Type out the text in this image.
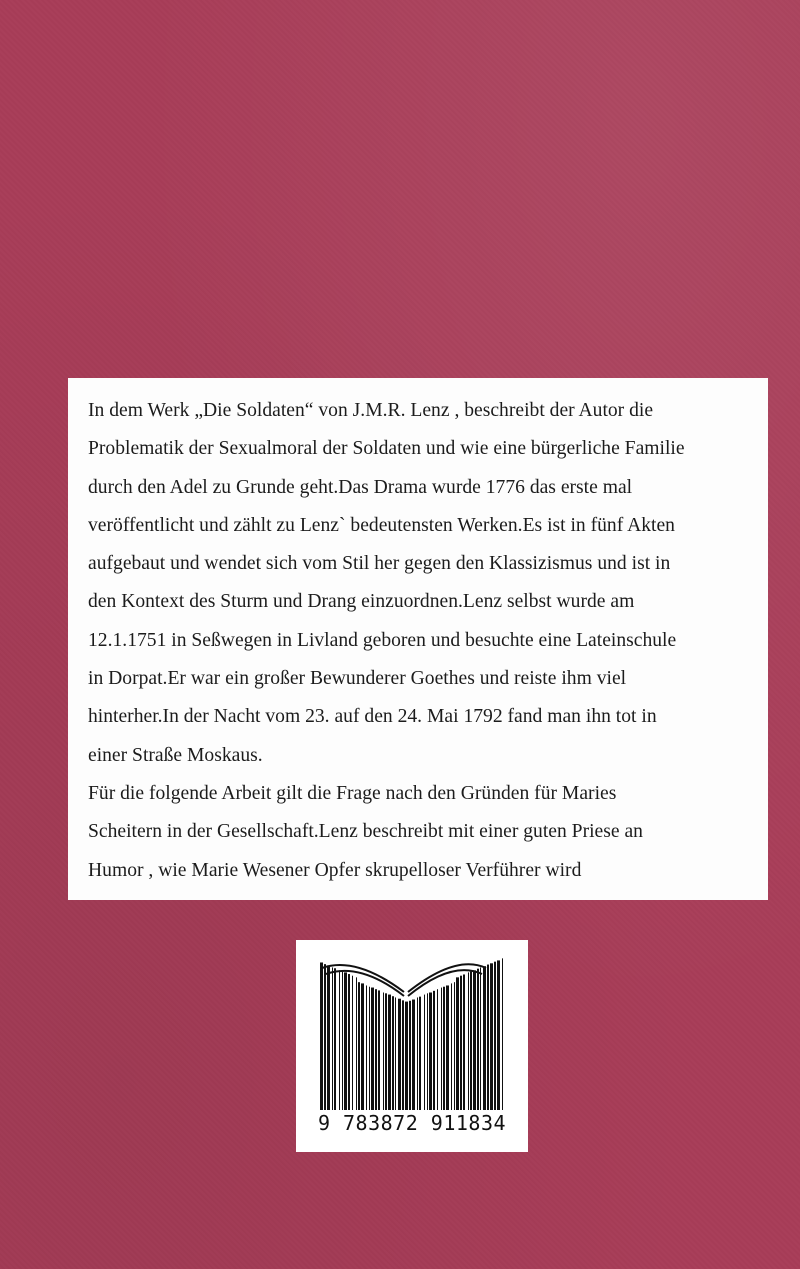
In dem Werk „Die Soldaten“ von J.M.R. Lenz , beschreibt der Autor die
Problematik der Sexualmoral der Soldaten und wie eine bürgerliche Familie
durch den Adel zu Grunde geht.Das Drama wurde 1776 das erste mal
veröffentlicht und zählt zu Lenz` bedeutensten Werken.Es ist in fünf Akten
aufgebaut und wendet sich vom Stil her gegen den Klassizismus und ist in
den Kontext des Sturm und Drang einzuordnen.Lenz selbst wurde am
12.1.1751 in Seßwegen in Livland geboren und besuchte eine Lateinschule
in Dorpat.Er war ein großer Bewunderer Goethes und reiste ihm viel
hinterher.In der Nacht vom 23. auf den 24. Mai 1792 fand man ihn tot in
einer Straße Moskaus.
Für die folgende Arbeit gilt die Frage nach den Gründen für Maries
Scheitern in der Gesellschaft.Lenz beschreibt mit einer guten Priese an
Humor , wie Marie Wesener Opfer skrupelloser Verführer wird
9 783872 911834
